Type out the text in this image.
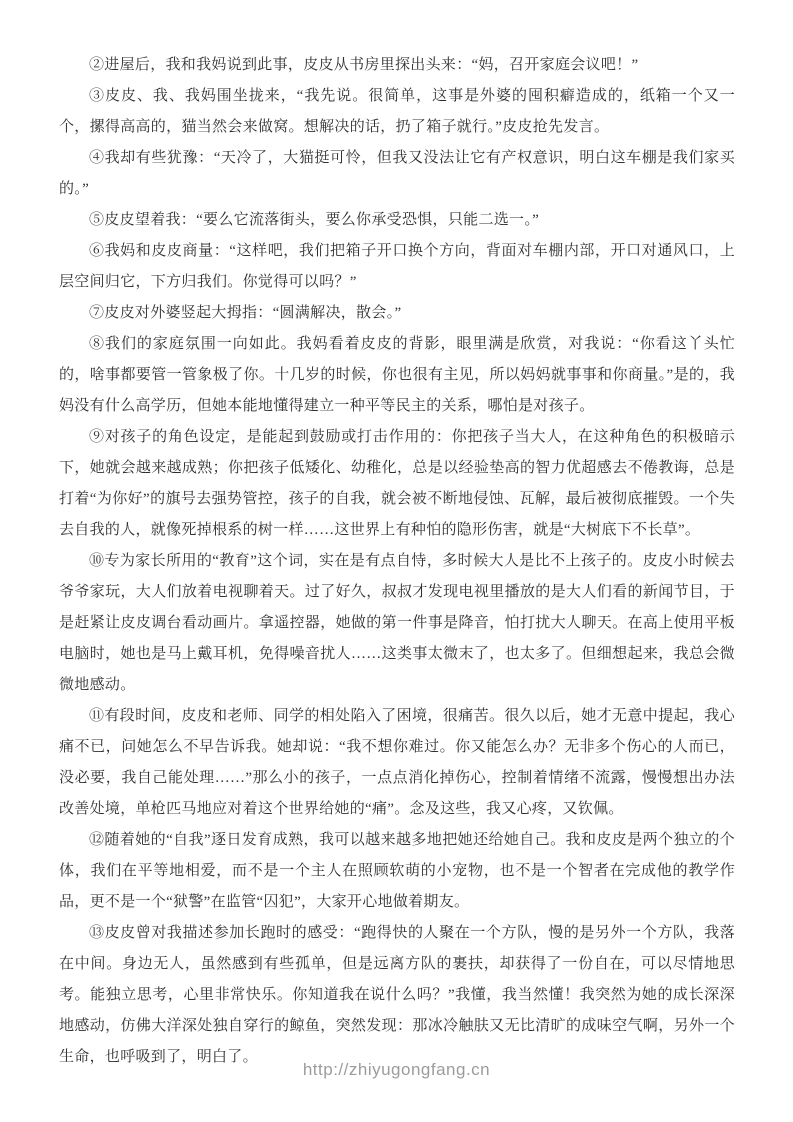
②进屋后，我和我妈说到此事，皮皮从书房里探出头来：“妈，召开家庭会议吧！”

③皮皮、我、我妈围坐拢来，“我先说。很简单，这事是外婆的囤积癖造成的，纸箱一个又一个，摞得高高的，猫当然会来做窝。想解决的话，扔了箱子就行。”皮皮抢先发言。

④我却有些犹豫：“天冷了，大猫挺可怜，但我又没法让它有产权意识，明白这车棚是我们家买的。”

⑤皮皮望着我：“要么它流落街头，要么你承受恐惧，只能二选一。”

⑥我妈和皮皮商量：“这样吧，我们把箱子开口换个方向，背面对车棚内部，开口对通风口，上层空间归它，下方归我们。你觉得可以吗？”

⑦皮皮对外婆竖起大拇指：“圆满解决，散会。”

⑧我们的家庭氛围一向如此。我妈看着皮皮的背影，眼里满是欣赏，对我说：“你看这丫头忙的，啥事都要管一管象极了你。十几岁的时候，你也很有主见，所以妈妈就事事和你商量。”是的，我妈没有什么高学历，但她本能地懂得建立一种平等民主的关系，哪怕是对孩子。

⑨对孩子的角色设定，是能起到鼓励或打击作用的：你把孩子当大人，在这种角色的积极暗示下，她就会越来越成熟；你把孩子低矮化、幼稚化，总是以经验垫高的智力优超感去不倦教诲，总是打着“为你好”的旗号去强势管控，孩子的自我，就会被不断地侵蚀、瓦解，最后被彻底摧毁。一个失去自我的人，就像死掉根系的树一样……这世界上有种怕的隐形伤害，就是“大树底下不长草”。

⑩专为家长所用的“教育”这个词，实在是有点自恃，多时候大人是比不上孩子的。皮皮小时候去爷爷家玩，大人们放着电视聊着天。过了好久，叔叔才发现电视里播放的是大人们看的新闻节目，于是赶紧让皮皮调台看动画片。拿遥控器，她做的第一件事是降音，怕打扰大人聊天。在高上使用平板电脑时，她也是马上戴耳机，免得噪音扰人……这类事太微末了，也太多了。但细想起来，我总会微微地感动。

⑪有段时间，皮皮和老师、同学的相处陷入了困境，很痛苦。很久以后，她才无意中提起，我心痛不已，问她怎么不早告诉我。她却说：“我不想你难过。你又能怎么办？无非多个伤心的人而已，没必要，我自己能处理……”那么小的孩子，一点点消化掉伤心，控制着情绪不流露，慢慢想出办法改善处境，单枪匹马地应对着这个世界给她的“痛”。念及这些，我又心疼，又钦佩。

⑫随着她的“自我”逐日发育成熟，我可以越来越多地把她还给她自己。我和皮皮是两个独立的个体，我们在平等地相爱，而不是一个主人在照顾软萌的小宠物，也不是一个智者在完成他的教学作品，更不是一个“狱警”在监管“囚犯”，大家开心地做着期友。

⑬皮皮曾对我描述参加长跑时的感受：“跑得快的人聚在一个方队，慢的是另外一个方队，我落在中间。身边无人，虽然感到有些孤单，但是远离方队的裹扶，却获得了一份自在，可以尽情地思考。能独立思考，心里非常快乐。你知道我在说什么吗？”我懂，我当然懂！我突然为她的成长深深地感动，仿佛大洋深处独自穿行的鲸鱼，突然发现：那冰冷触肤又无比清旷的成味空气啊，另外一个生命，也呼吸到了，明白了。

http://zhiyugongfang.cn
